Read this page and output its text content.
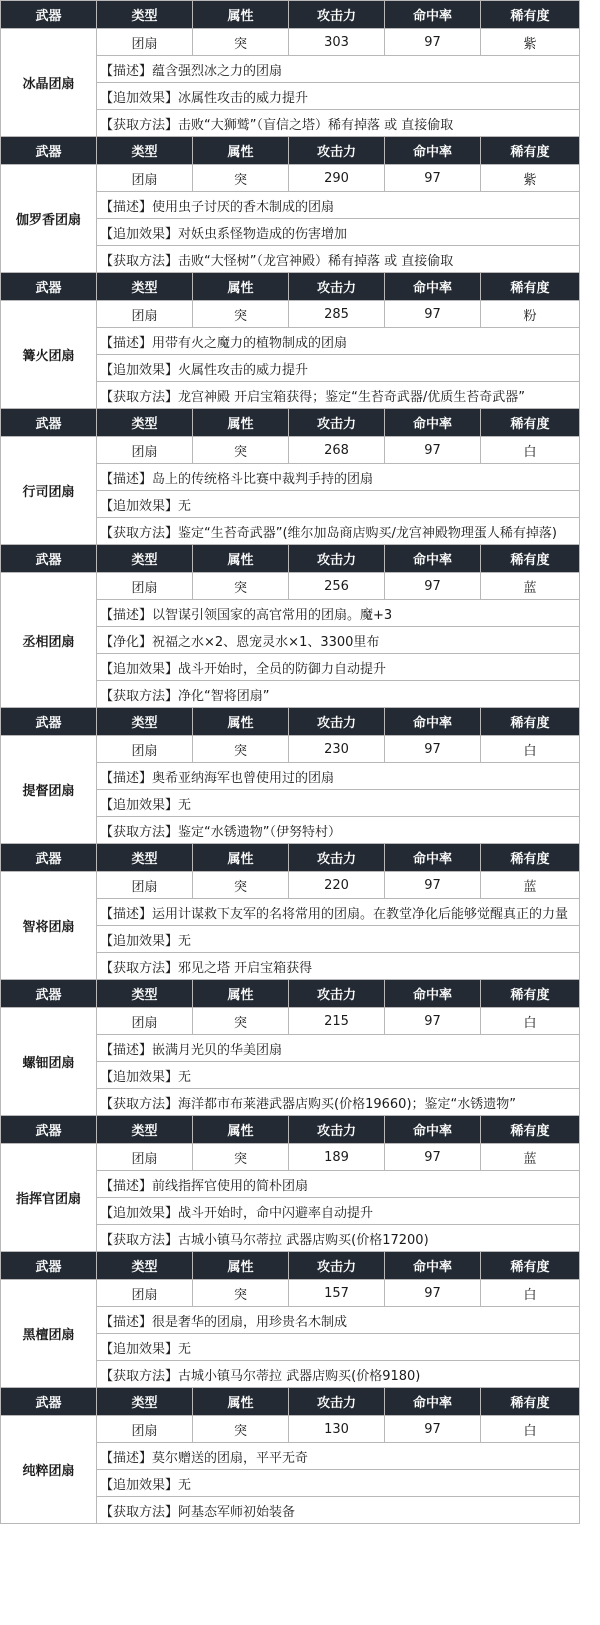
武器	类型	属性	攻击力	命中率	稀有度
冰晶团扇	团扇	突	303	97	紫
	【描述】蕴含强烈冰之力的团扇				
	【追加效果】冰属性攻击的威力提升				
	【获取方法】击败“大狮鹫”（盲信之塔）稀有掉落 或 直接偷取				
武器	类型	属性	攻击力	命中率	稀有度
伽罗香团扇	团扇	突	290	97	紫
	【描述】使用虫子讨厌的香木制成的团扇				
	【追加效果】对妖虫系怪物造成的伤害增加				
	【获取方法】击败“大怪树”（龙宫神殿）稀有掉落 或 直接偷取				
武器	类型	属性	攻击力	命中率	稀有度
篝火团扇	团扇	突	285	97	粉
	【描述】用带有火之魔力的植物制成的团扇				
	【追加效果】火属性攻击的威力提升				
	【获取方法】龙宫神殿 开启宝箱获得；鉴定“生苔奇武器/优质生苔奇武器”				
武器	类型	属性	攻击力	命中率	稀有度
行司团扇	团扇	突	268	97	白
	【描述】岛上的传统格斗比赛中裁判手持的团扇				
	【追加效果】无				
	【获取方法】鉴定“生苔奇武器”(维尔加岛商店购买/龙宫神殿物理蛋人稀有掉落)				
武器	类型	属性	攻击力	命中率	稀有度
丞相团扇	团扇	突	256	97	蓝
	【描述】以智谋引领国家的高官常用的团扇。魔+3				
	【净化】祝福之水×2、恩宠灵水×1、3300里布				
	【追加效果】战斗开始时，全员的防御力自动提升				
	【获取方法】净化“智将团扇”				
武器	类型	属性	攻击力	命中率	稀有度
提督团扇	团扇	突	230	97	白
	【描述】奥希亚纳海军也曾使用过的团扇				
	【追加效果】无				
	【获取方法】鉴定“水锈遗物”（伊努特村）				
武器	类型	属性	攻击力	命中率	稀有度
智将团扇	团扇	突	220	97	蓝
	【描述】运用计谋救下友军的名将常用的团扇。在教堂净化后能够觉醒真正的力量				
	【追加效果】无				
	【获取方法】邪见之塔 开启宝箱获得				
武器	类型	属性	攻击力	命中率	稀有度
螺钿团扇	团扇	突	215	97	白
	【描述】嵌满月光贝的华美团扇				
	【追加效果】无				
	【获取方法】海洋都市布莱港武器店购买(价格19660)；鉴定“水锈遗物”				
武器	类型	属性	攻击力	命中率	稀有度
指挥官团扇	团扇	突	189	97	蓝
	【描述】前线指挥官使用的简朴团扇				
	【追加效果】战斗开始时，命中闪避率自动提升				
	【获取方法】古城小镇马尔蒂拉 武器店购买(价格17200)				
武器	类型	属性	攻击力	命中率	稀有度
黑檀团扇	团扇	突	157	97	白
	【描述】很是奢华的团扇，用珍贵名木制成				
	【追加效果】无				
	【获取方法】古城小镇马尔蒂拉 武器店购买(价格9180)				
武器	类型	属性	攻击力	命中率	稀有度
纯粹团扇	团扇	突	130	97	白
	【描述】莫尔赠送的团扇，平平无奇				
	【追加效果】无				
	【获取方法】阿基态军师初始装备				
